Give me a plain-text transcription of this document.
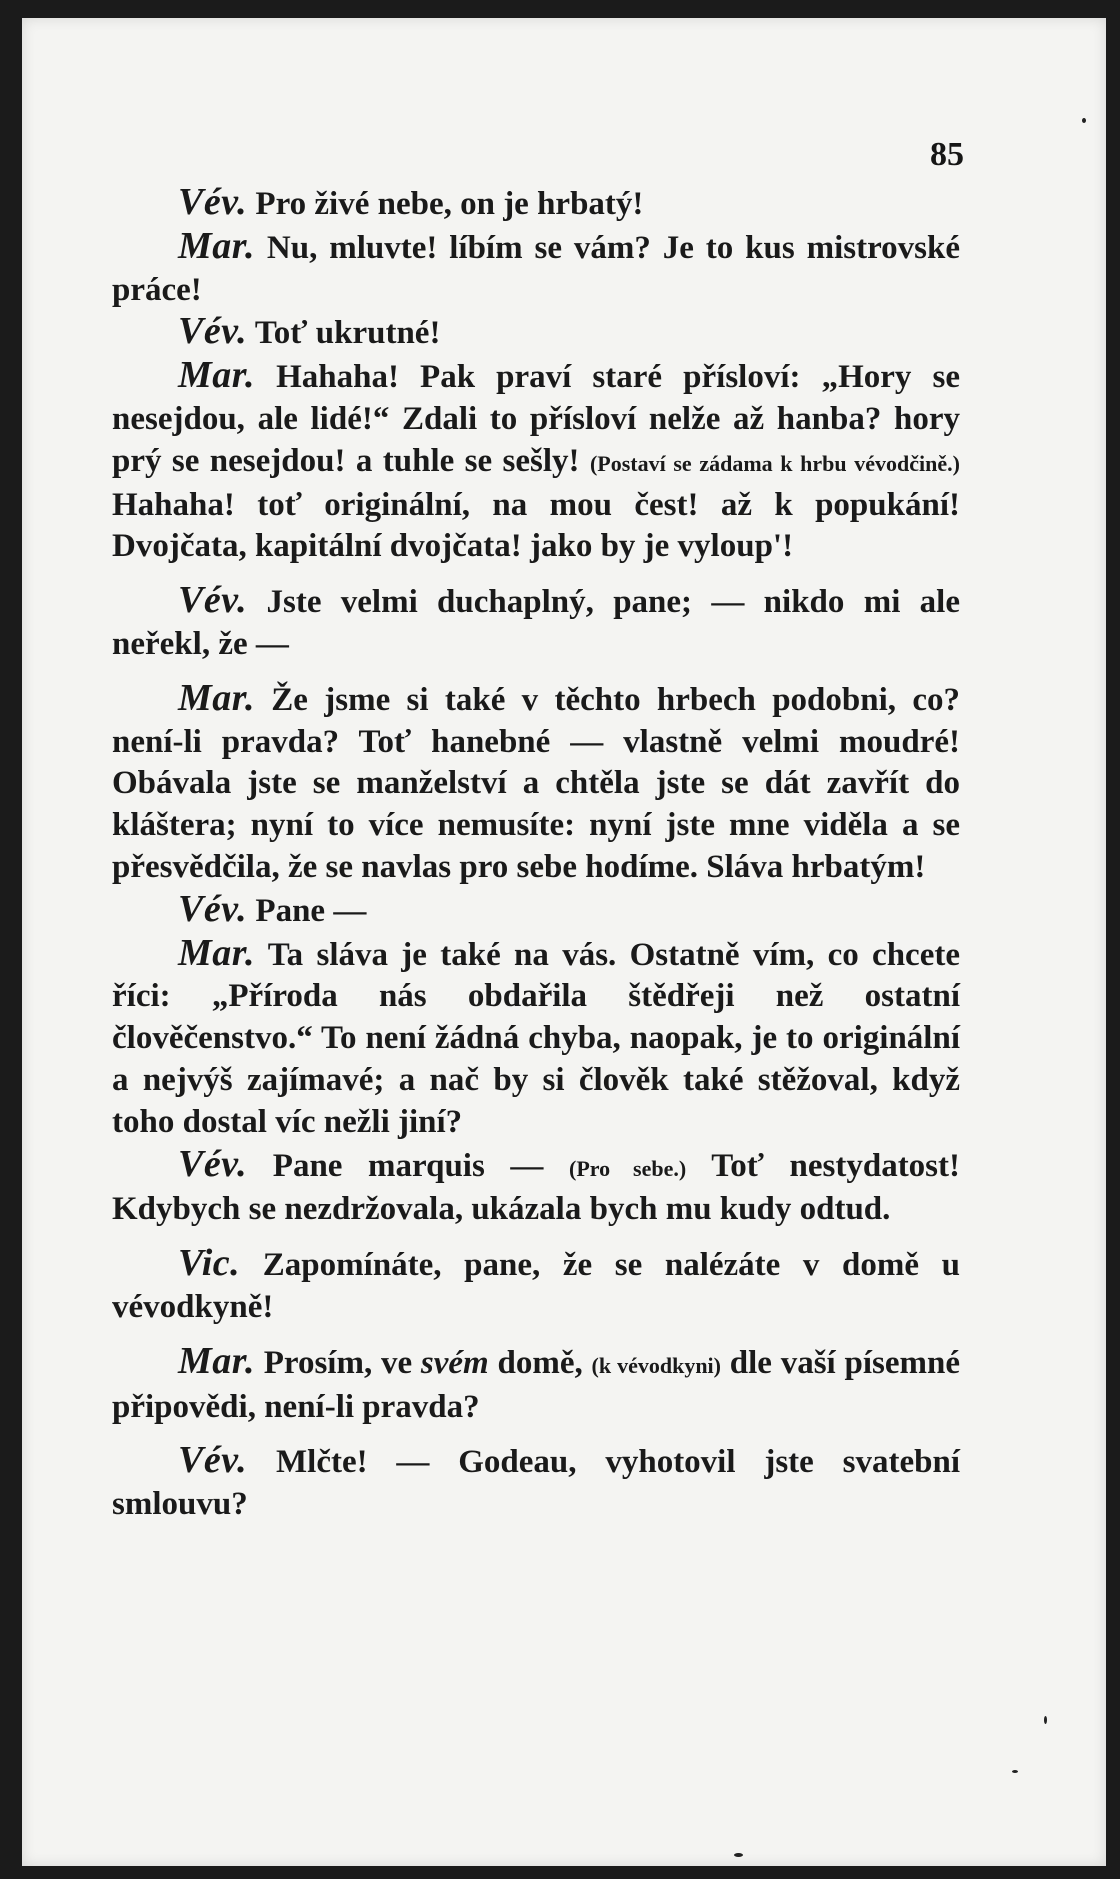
85

Vév. Pro živé nebe, on je hrbatý!

Mar. Nu, mluvte! líbím se vám? Je to kus mistrovské práce!

Vév. Toť ukrutné!

Mar. Hahaha! Pak praví staré přísloví: „Hory se nesejdou, ale lidé!“ Zdali to přísloví nelže až hanba? hory prý se nesejdou! a tuhle se sešly! (Postaví se zádama k hrbu vévodčině.) Hahaha! toť originální, na mou čest! až k popukání! Dvojčata, kapitální dvojčata! jako by je vyloup'!

Vév. Jste velmi duchaplný, pane; — nikdo mi ale neřekl, že —

Mar. Že jsme si také v těchto hrbech podobni, co? není-li pravda? Toť hanebné — vlastně velmi moudré! Obávala jste se manželství a chtěla jste se dát zavřít do kláštera; nyní to více nemusíte: nyní jste mne viděla a se přesvědčila, že se navlas pro sebe hodíme. Sláva hrbatým!

Vév. Pane —

Mar. Ta sláva je také na vás. Ostatně vím, co chcete říci: „Příroda nás obdařila štědřeji než ostatní člověčenstvo.“ To není žádná chyba, naopak, je to originální a nejvýš zajímavé; a nač by si člověk také stěžoval, když toho dostal víc nežli jiní?

Vév. Pane marquis — (Pro sebe.) Toť nestydatost! Kdybych se nezdržovala, ukázala bych mu kudy odtud.

Vic. Zapomínáte, pane, že se nalézáte v domě u vévodkyně!

Mar. Prosím, ve svém domě, (k vévodkyni) dle vaší písemné připovědi, není-li pravda?

Vév. Mlčte! — Godeau, vyhotovil jste svatební smlouvu?
